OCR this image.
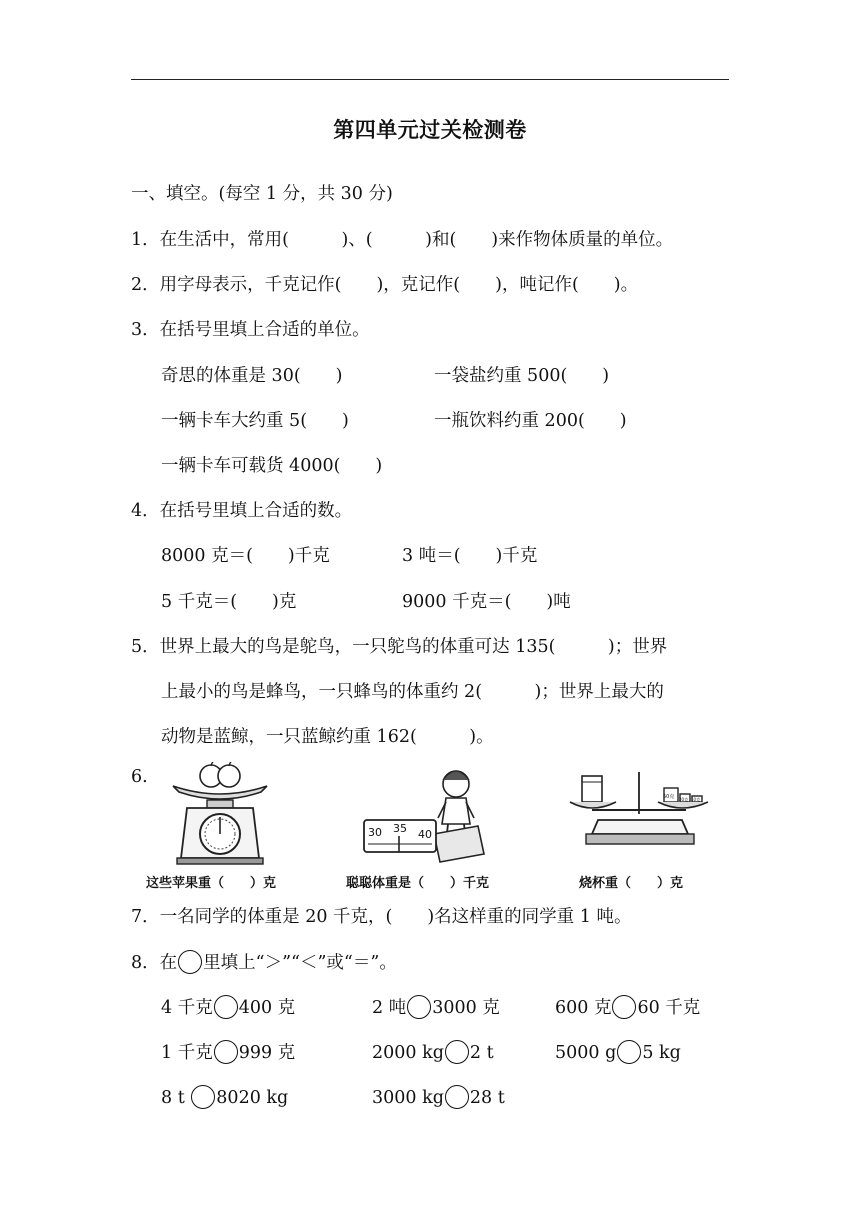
第四单元过关检测卷
一、填空。(每空 1 分，共 30 分)
1．在生活中，常用(　　　)、(　　　)和(　　)来作物体质量的单位。
2．用字母表示，千克记作(　　)，克记作(　　)，吨记作(　　)。
3．在括号里填上合适的单位。
奇思的体重是 30(　　)	一袋盐约重 500(　　)
一辆卡车大约重 5(　　)	一瓶饮料约重 200(　　)
一辆卡车可载货 4000(　　)
4．在括号里填上合适的数。
8000 克＝(　　)千克	3 吨＝(　　)千克
5 千克＝(　　)克	9000 千克＝(　　)吨
5．世界上最大的鸟是鸵鸟，一只鸵鸟的体重可达 135(　　　)；世界
上最小的鸟是蜂鸟，一只蜂鸟的体重约 2(　　　)；世界上最大的
动物是蓝鲸，一只蓝鲸约重 162(　　　)。
6.
30 35 40
50克 20克 10克
这些苹果重（　　）克	聪聪体重是（　　）千克	烧杯重（　　）克
7．一名同学的体重是 20 千克，(　　)名这样重的同学重 1 吨。
8．在 里填上“＞”“＜”或“＝”。
4 千克 400 克	2 吨 3000 克	600 克 60 千克
1 千克 999 克	2000 kg 2 t	5000 g 5 kg
8 t 8020 kg	3000 kg 28 t
